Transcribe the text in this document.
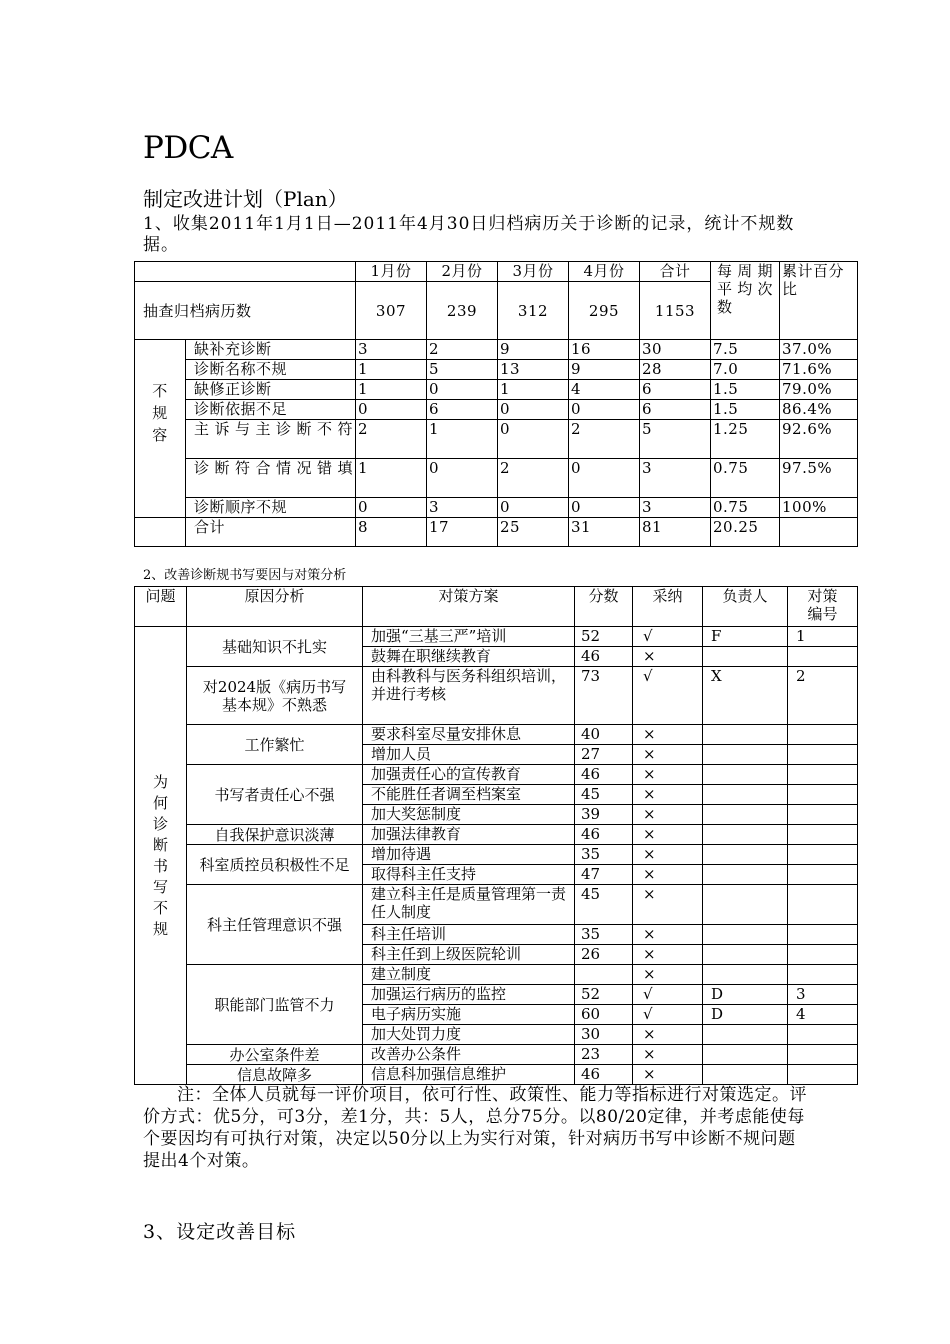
PDCA
制定改进计划（Plan）
1、收集2011年1月1日—2011年4月30日归档病历关于诊断的记录，统计不规数据。
		1月份	2月份	3月份	4月份	合计	每周期平均次数	累计百分比
抽查归档病历数		307	239	312	295	1153		

不规容	缺补充诊断	3	2	9	16	30	7.5	37.0%
	诊断名称不规	1	5	13	9	28	7.0	71.6%
	缺修正诊断	1	0	1	4	6	1.5	79.0%
	诊断依据不足	0	6	0	0	6	1.5	86.4%
	主诉与主诊断不符	2	1	0	2	5	1.25	92.6%
	诊断符合情况错填	1	0	2	0	3	0.75	97.5%
	诊断顺序不规	0	3	0	0	3	0.75	100%
	合计	8	17	25	31	81	20.25	
2、改善诊断规书写要因与对策分析
问题	原因分析	对策方案	分数	采纳	负责人	对策编号

为何诊断书写不规	基础知识不扎实	加强“三基三严”培训	52	√	F	1
		鼓舞在职继续教育	46	×		
	对2024版《病历书写基本规》不熟悉	由科教科与医务科组织培训，并进行考核	73	√	X	2
	工作繁忙	要求科室尽量安排休息	40	×		
		增加人员	27	×		
	书写者责任心不强	加强责任心的宣传教育	46	×		
		不能胜任者调至档案室	45	×		
		加大奖惩制度	39	×		
	自我保护意识淡薄	加强法律教育	46	×		
	科室质控员积极性不足	增加待遇	35	×		
		取得科主任支持	47	×		
	科主任管理意识不强	建立科主任是质量管理第一责任人制度	45	×		
		科主任培训	35	×		
		科主任到上级医院轮训	26	×		
	职能部门监管不力	建立制度		×		
		加强运行病历的监控	52	√	D	3
		电子病历实施	60	√	D	4
		加大处罚力度	30	×		
	办公室条件差	改善办公条件	23	×		
	信息故障多	信息科加强信息维护	46	×		
注：全体人员就每一评价项目，依可行性、政策性、能力等指标进行对策选定。评价方式：优5分，可3分，差1分，共：5人，总分75分。以80/20定律，并考虑能使每个要因均有可执行对策，决定以50分以上为实行对策，针对病历书写中诊断不规问题提出4个对策。
3、设定改善目标
